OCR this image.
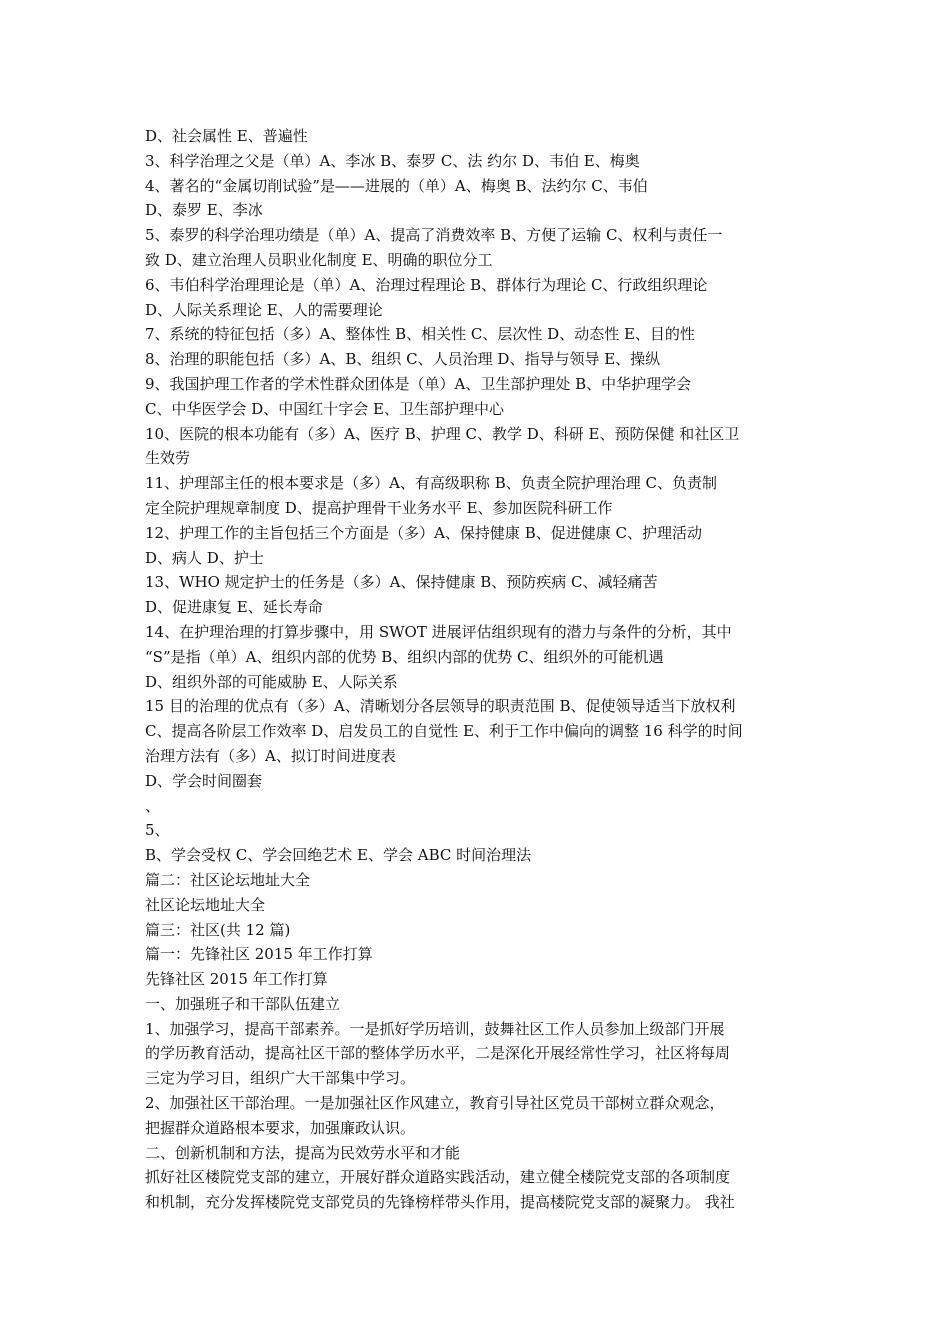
D、社会属性 E、普遍性
3、科学治理之父是（单）A、李冰 B、泰罗 C、法 约尔 D、韦伯 E、梅奥
4、著名的“金属切削试验”是——进展的（单）A、梅奥 B、法约尔 C、韦伯
D、泰罗 E、李冰
5、泰罗的科学治理功绩是（单）A、提高了消费效率 B、方便了运输 C、权利与责任一
致 D、建立治理人员职业化制度 E、明确的职位分工
6、韦伯科学治理理论是（单）A、治理过程理论 B、群体行为理论 C、行政组织理论
D、人际关系理论 E、人的需要理论
7、系统的特征包括（多）A、整体性 B、相关性 C、层次性 D、动态性 E、目的性
8、治理的职能包括（多）A、B、组织 C、人员治理 D、指导与领导 E、操纵
9、我国护理工作者的学术性群众团体是（单）A、卫生部护理处 B、中华护理学会
C、中华医学会 D、中国红十字会 E、卫生部护理中心
10、医院的根本功能有（多）A、医疗 B、护理 C、教学 D、科研 E、预防保健 和社区卫
生效劳
11、护理部主任的根本要求是（多）A、有高级职称 B、负责全院护理治理 C、负责制
定全院护理规章制度 D、提高护理骨干业务水平 E、参加医院科研工作
12、护理工作的主旨包括三个方面是（多）A、保持健康 B、促进健康 C、护理活动
D、病人 D、护士
13、WHO 规定护士的任务是（多）A、保持健康 B、预防疾病 C、减轻痛苦
D、促进康复 E、延长寿命
14、在护理治理的打算步骤中，用 SWOT 进展评估组织现有的潜力与条件的分析，其中
“S”是指（单）A、组织内部的优势 B、组织内部的优势 C、组织外的可能机遇
D、组织外部的可能威胁 E、人际关系
15 目的治理的优点有（多）A、清晰划分各层领导的职责范围 B、促使领导适当下放权利
C、提高各阶层工作效率 D、启发员工的自觉性 E、利于工作中偏向的调整 16 科学的时间
治理方法有（多）A、拟订时间进度表
D、学会时间圈套
、
5、
B、学会受权 C、学会回绝艺术 E、学会 ABC 时间治理法
篇二：社区论坛地址大全
社区论坛地址大全
篇三：社区(共 12 篇)
篇一：先锋社区 2015 年工作打算
先锋社区 2015 年工作打算
一、加强班子和干部队伍建立
1、加强学习，提高干部素养。一是抓好学历培训，鼓舞社区工作人员参加上级部门开展
的学历教育活动，提高社区干部的整体学历水平，二是深化开展经常性学习，社区将每周
三定为学习日，组织广大干部集中学习。
2、加强社区干部治理。一是加强社区作风建立，教育引导社区党员干部树立群众观念，
把握群众道路根本要求，加强廉政认识。
二、创新机制和方法，提高为民效劳水平和才能
抓好社区楼院党支部的建立，开展好群众道路实践活动，建立健全楼院党支部的各项制度
和机制，充分发挥楼院党支部党员的先锋榜样带头作用，提高楼院党支部的凝聚力。 我社
